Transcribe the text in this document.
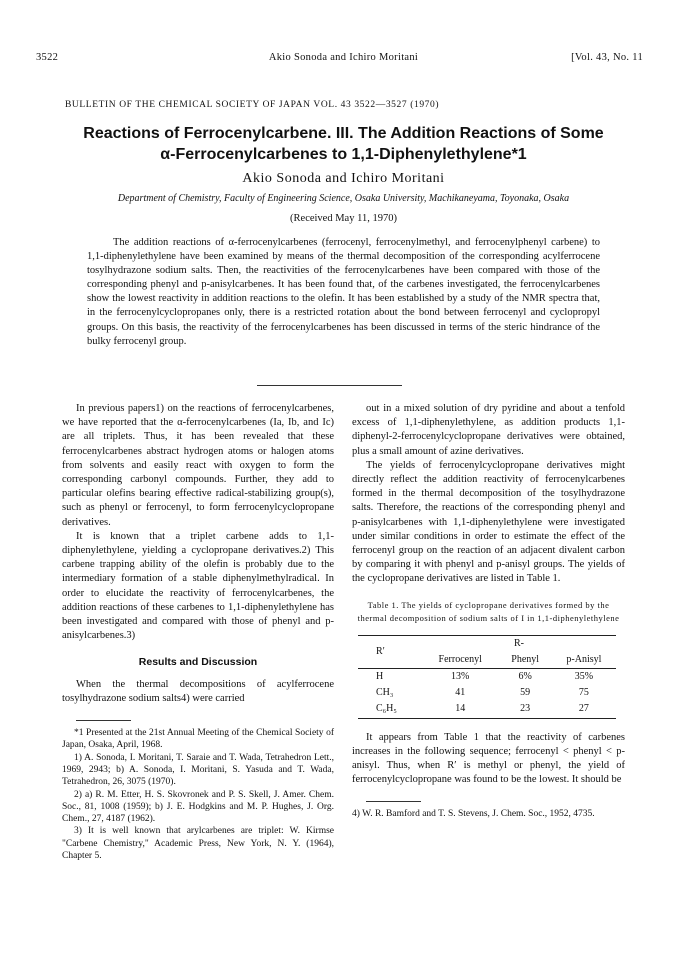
3522	Akio Sonoda and Ichiro Moritani	[Vol. 43, No. 11
BULLETIN OF THE CHEMICAL SOCIETY OF JAPAN VOL. 43 3522—3527 (1970)
Reactions of Ferrocenylcarbene. III. The Addition Reactions of Some
α-Ferrocenylcarbenes to 1,1-Diphenylethylene*1
Akio Sonoda and Ichiro Moritani
Department of Chemistry, Faculty of Engineering Science, Osaka University, Machikaneyama, Toyonaka, Osaka
(Received May 11, 1970)
The addition reactions of α-ferrocenylcarbenes (ferrocenyl, ferrocenylmethyl, and ferrocenylphenyl carbene) to 1,1-diphenylethylene have been examined by means of the thermal decomposition of the corresponding acylferrocene tosylhydrazone sodium salts. Then, the reactivities of the ferrocenylcarbenes have been compared with those of the corresponding phenyl and p-anisylcarbenes. It has been found that, of the carbenes investigated, the ferrocenylcarbenes show the lowest reactivity in addition reactions to the olefin. It has been established by a study of the NMR spectra that, in the ferrocenylcyclopropanes only, there is a restricted rotation about the bond between ferrocenyl and cyclopropyl groups. On this basis, the reactivity of the ferrocenylcarbenes has been discussed in terms of the steric hindrance of the bulky ferrocenyl group.

In previous papers1) on the reactions of ferrocenylcarbenes, we have reported that the α-ferrocenylcarbenes (Ia, Ib, and Ic) are all triplets. Thus, it has been revealed that these ferrocenylcarbenes abstract hydrogen atoms or halogen atoms from solvents and easily react with oxygen to form the corresponding carbonyl compounds. Further, they add to particular olefins bearing effective radical-stabilizing group(s), such as phenyl or ferrocenyl, to form ferrocenylcyclopropane derivatives.

It is known that a triplet carbene adds to 1,1-diphenylethylene, yielding a cyclopropane derivatives.2) This carbene trapping ability of the olefin is probably due to the intermediary formation of a stable diphenylmethylradical. In order to elucidate the reactivity of ferrocenylcarbenes, the addition reactions of these carbenes to 1,1-diphenylethylene has been investigated and compared with those of phenyl and p-anisylcarbenes.3)

Results and Discussion

When the thermal decompositions of acylferrocene tosylhydrazone sodium salts4) were carried

*1 Presented at the 21st Annual Meeting of the Chemical Society of Japan, Osaka, April, 1968.

1) A. Sonoda, I. Moritani, T. Saraie and T. Wada, Tetrahedron Lett., 1969, 2943; b) A. Sonoda, I. Moritani, S. Yasuda and T. Wada, Tetrahedron, 26, 3075 (1970).

2) a) R. M. Etter, H. S. Skovronek and P. S. Skell, J. Amer. Chem. Soc., 81, 1008 (1959); b) J. E. Hodgkins and M. P. Hughes, J. Org. Chem., 27, 4187 (1962).

3) It is well known that arylcarbenes are triplet: W. Kirmse "Carbene Chemistry," Academic Press, New York, N. Y. (1964), Chapter 5.

out in a mixed solution of dry pyridine and about a tenfold excess of 1,1-diphenylethylene, as addition products 1,1-diphenyl-2-ferrocenylcyclopropane derivatives were obtained, plus a small amount of azine derivatives.

The yields of ferrocenylcyclopropane derivatives might directly reflect the addition reactivity of ferrocenylcarbenes formed in the thermal decomposition of the tosylhydrazone salts. Therefore, the reactions of the corresponding phenyl and p-anisylcarbenes with 1,1-diphenylethylene were investigated under similar conditions in order to estimate the effect of the ferrocenyl group on the reaction of an adjacent divalent carbon by comparing it with phenyl and p-anisyl groups. The yields of the cyclopropane derivatives are listed in Table 1.

Table 1. The yields of cyclopropane derivatives formed by the thermal decomposition of sodium salts of I in 1,1-diphenylethylene
R′	R-		
	Ferrocenyl	Phenyl	p-Anisyl
H	13%	6%	35%
CH₃	41	59	75
C₆H₅	14	23	27

It appears from Table 1 that the reactivity of carbenes increases in the following sequence; ferrocenyl < phenyl < p-anisyl. Thus, when R′ is methyl or phenyl, the yield of ferrocenylcyclopropane was found to be the lowest. It should be

4) W. R. Bamford and T. S. Stevens, J. Chem. Soc., 1952, 4735.
